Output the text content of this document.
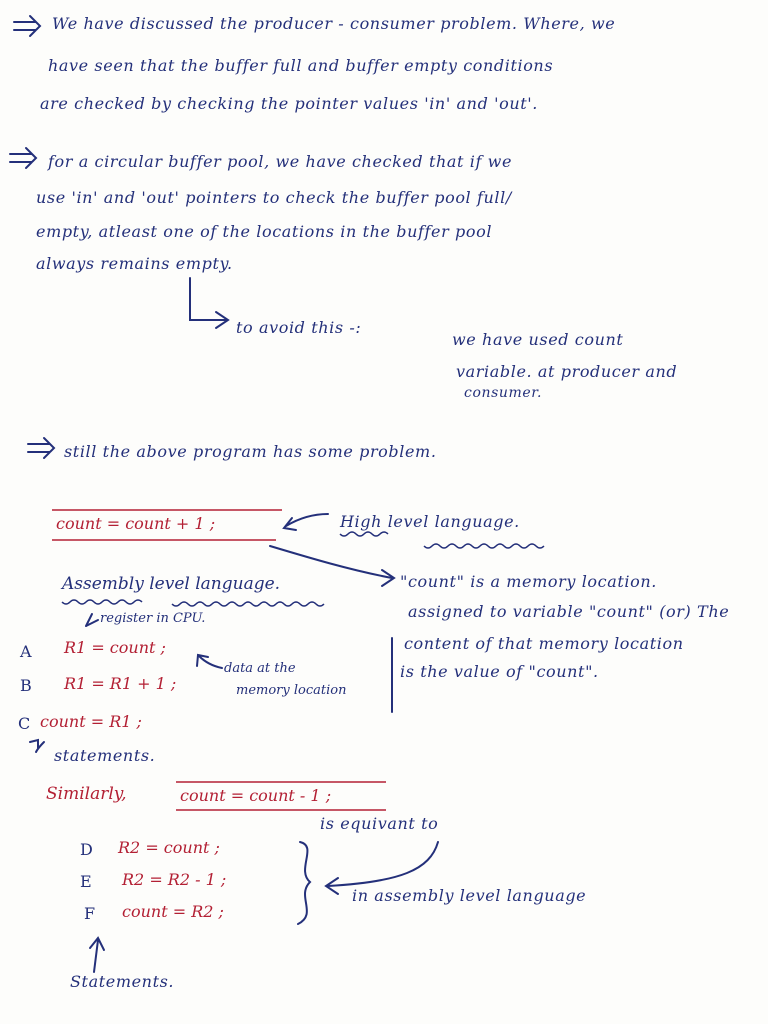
We have discussed the producer - consumer problem. Where, we
have seen that the buffer full and buffer empty conditions
are checked by checking the pointer values 'in' and 'out'.
for a circular buffer pool, we have checked that if we
use 'in' and 'out' pointers to check the buffer pool full/
empty, atleast one of the locations in the buffer pool
always remains empty.
to avoid this -:
we have used count
variable. at producer and
consumer.
still the above program has some problem.
count = count + 1 ;	High level language.
Assembly level language.
register in CPU.
A R1 = count ;
data at the
memory location
B R1 = R1 + 1 ;
C count = R1 ;
statements.
"count" is a memory location.
assigned to variable "count" (or) The
content of that memory location
is the value of "count".
Similarly,	count = count - 1 ;
is equivant to
D R2 = count ;
E R2 = R2 - 1 ;
F count = R2 ;
in assembly level language
Statements.
